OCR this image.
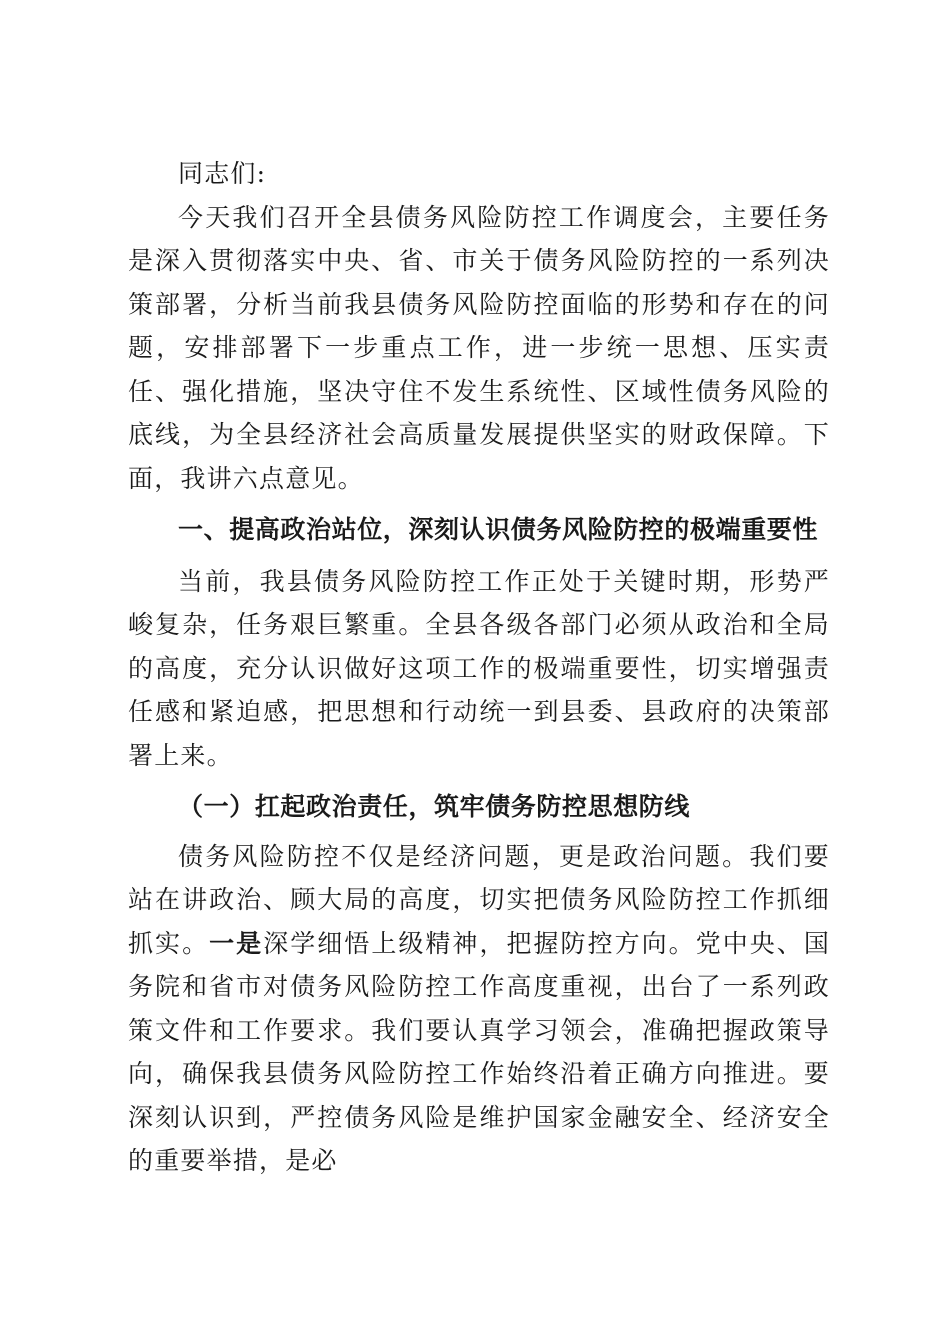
同志们:

今天我们召开全县债务风险防控工作调度会，主要任务是深入贯彻落实中央、省、市关于债务风险防控的一系列决策部署，分析当前我县债务风险防控面临的形势和存在的问题，安排部署下一步重点工作，进一步统一思想、压实责任、强化措施，坚决守住不发生系统性、区域性债务风险的底线，为全县经济社会高质量发展提供坚实的财政保障。下面，我讲六点意见。

一、提高政治站位，深刻认识债务风险防控的极端重要性

当前，我县债务风险防控工作正处于关键时期，形势严峻复杂，任务艰巨繁重。全县各级各部门必须从政治和全局的高度，充分认识做好这项工作的极端重要性，切实增强责任感和紧迫感，把思想和行动统一到县委、县政府的决策部署上来。

（一）扛起政治责任，筑牢债务防控思想防线

债务风险防控不仅是经济问题，更是政治问题。我们要站在讲政治、顾大局的高度，切实把债务风险防控工作抓细抓实。一是深学细悟上级精神，把握防控方向。党中央、国务院和省市对债务风险防控工作高度重视，出台了一系列政策文件和工作要求。我们要认真学习领会，准确把握政策导向，确保我县债务风险防控工作始终沿着正确方向推进。要深刻认识到，严控债务风险是维护国家金融安全、经济安全的重要举措，是必
